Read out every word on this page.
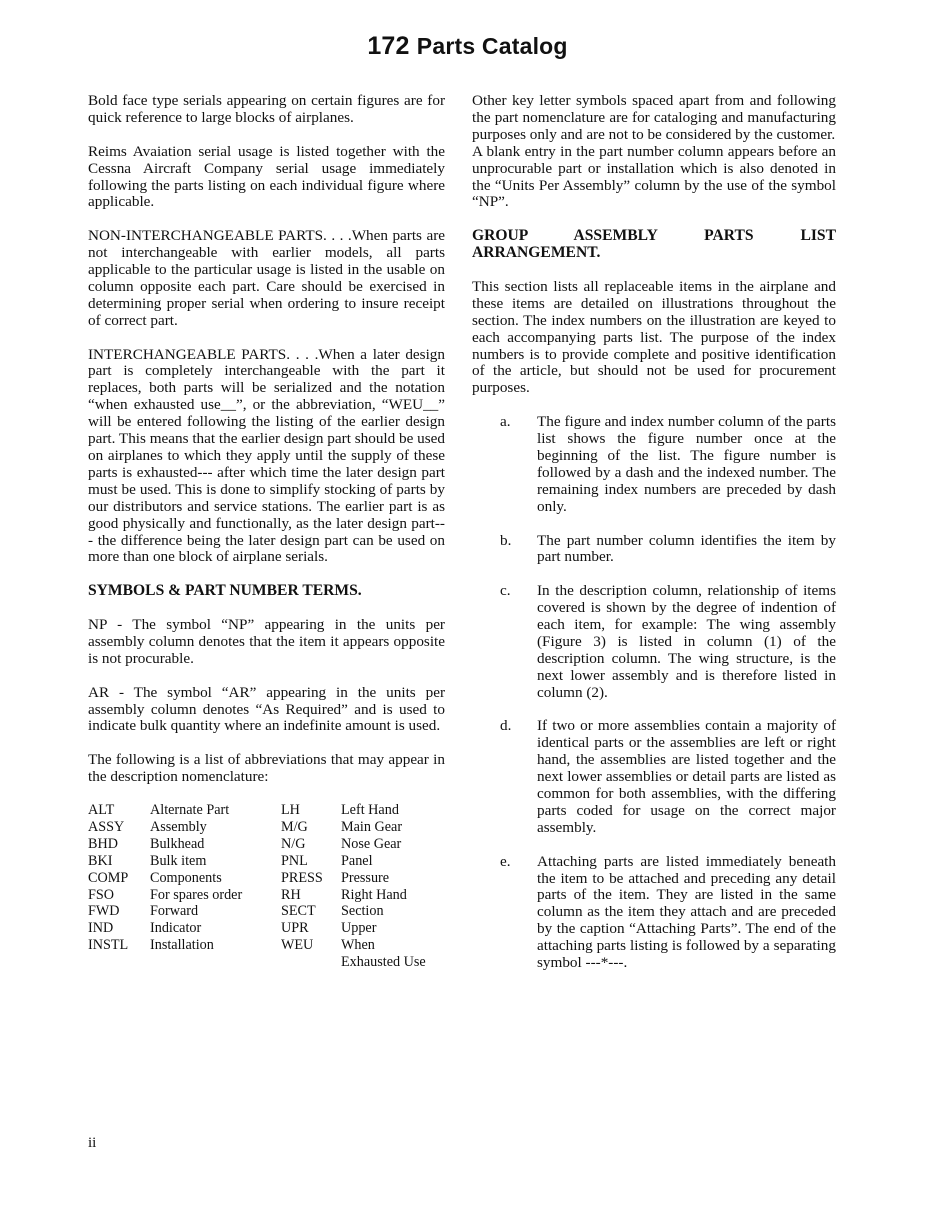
172 Parts Catalog

Bold face type serials appearing on certain figures are for quick reference to large blocks of airplanes.

Reims Avaiation serial usage is listed together with the Cessna Aircraft Company serial usage immediately following the parts listing on each individual figure where applicable.

NON-INTERCHANGEABLE PARTS. . . .When parts are not interchangeable with earlier models, all parts applicable to the particular usage is listed in the usable on column opposite each part. Care should be exercised in determining proper serial when ordering to insure receipt of correct part.

INTERCHANGEABLE PARTS. . . .When a later design part is completely interchangeable with the part it replaces, both parts will be serialized and the notation “when exhausted use__”, or the abbreviation, “WEU__” will be entered following the listing of the earlier design part. This means that the earlier design part should be used on airplanes to which they apply until the supply of these parts is exhausted--- after which time the later design part must be used. This is done to simplify stocking of parts by our distributors and service stations. The earlier part is as good physically and functionally, as the later design part--- the difference being the later design part can be used on more than one block of airplane serials.

SYMBOLS & PART NUMBER TERMS.

NP - The symbol “NP” appearing in the units per assembly column denotes that the item it appears opposite is not procurable.

AR - The symbol “AR” appearing in the units per assembly column denotes “As Required” and is used to indicate bulk quantity where an indefinite amount is used.

The following is a list of abbreviations that may appear in the description nomenclature:

ALT	Alternate Part	LH	Left Hand
ASSY	Assembly	M/G	Main Gear
BHD	Bulkhead	N/G	Nose Gear
BKI	Bulk item	PNL	Panel
COMP	Components	PRESS	Pressure
FSO	For spares order	RH	Right Hand
FWD	Forward	SECT	Section
IND	Indicator	UPR	Upper
INSTL	Installation	WEU	When
			Exhausted Use

Other key letter symbols spaced apart from and following the part nomenclature are for cataloging and manufacturing purposes only and are not to be considered by the customer.

A blank entry in the part number column appears before an unprocurable part or installation which is also denoted in the “Units Per Assembly” column by the use of the symbol “NP”.

GROUP ASSEMBLY PARTS LIST ARRANGEMENT.

This section lists all replaceable items in the airplane and these items are detailed on illustrations throughout the section. The index numbers on the illustration are keyed to each accompanying parts list. The purpose of the index numbers is to provide complete and positive identification of the article, but should not be used for procurement purposes.

a. The figure and index number column of the parts list shows the figure number once at the beginning of the list. The figure number is followed by a dash and the indexed number. The remaining index numbers are preceded by dash only.
b. The part number column identifies the item by part number.
c. In the description column, relationship of items covered is shown by the degree of indention of each item, for example: The wing assembly (Figure 3) is listed in column (1) of the description column. The wing structure, is the next lower assembly and is therefore listed in column (2).
d. If two or more assemblies contain a majority of identical parts or the assemblies are left or right hand, the assemblies are listed together and the next lower assemblies or detail parts are listed as common for both assemblies, with the differing parts coded for usage on the correct major assembly.
e. Attaching parts are listed immediately beneath the item to be attached and preceding any detail parts of the item. They are listed in the same column as the item they attach and are preceded by the caption “Attaching Parts”. The end of the attaching parts listing is followed by a separating symbol ---*---.
ii
